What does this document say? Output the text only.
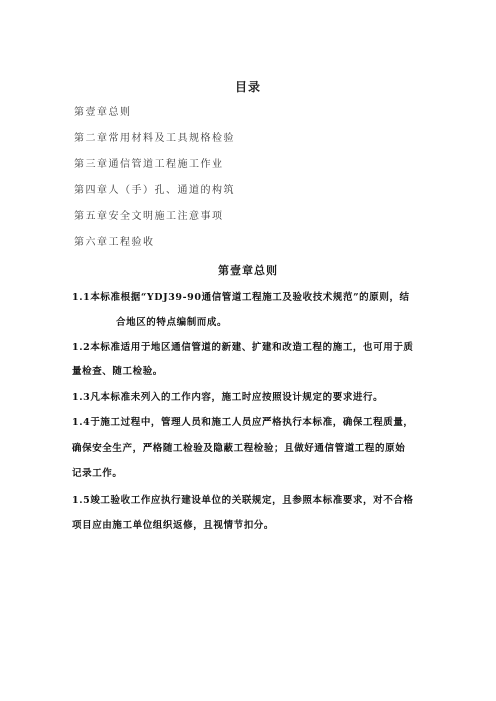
目录
第壹章总则
第二章常用材料及工具规格检验
第三章通信管道工程施工作业
第四章人（手）孔、通道的构筑
第五章安全文明施工注意事项
第六章工程验收
第壹章总则
1.1本标准根据“YDJ39-90通信管道工程施工及验收技术规范”的原则，结
合地区的特点编制而成。
1.2本标准适用于地区通信管道的新建、扩建和改造工程的施工，也可用于质
量检查、随工检验。
1.3凡本标准未列入的工作内容，施工时应按照设计规定的要求进行。
1.4于施工过程中，管理人员和施工人员应严格执行本标准，确保工程质量，
确保安全生产，严格随工检验及隐蔽工程检验；且做好通信管道工程的原始
记录工作。
1.5竣工验收工作应执行建设单位的关联规定，且参照本标准要求，对不合格
项目应由施工单位组织返修，且视情节扣分。
